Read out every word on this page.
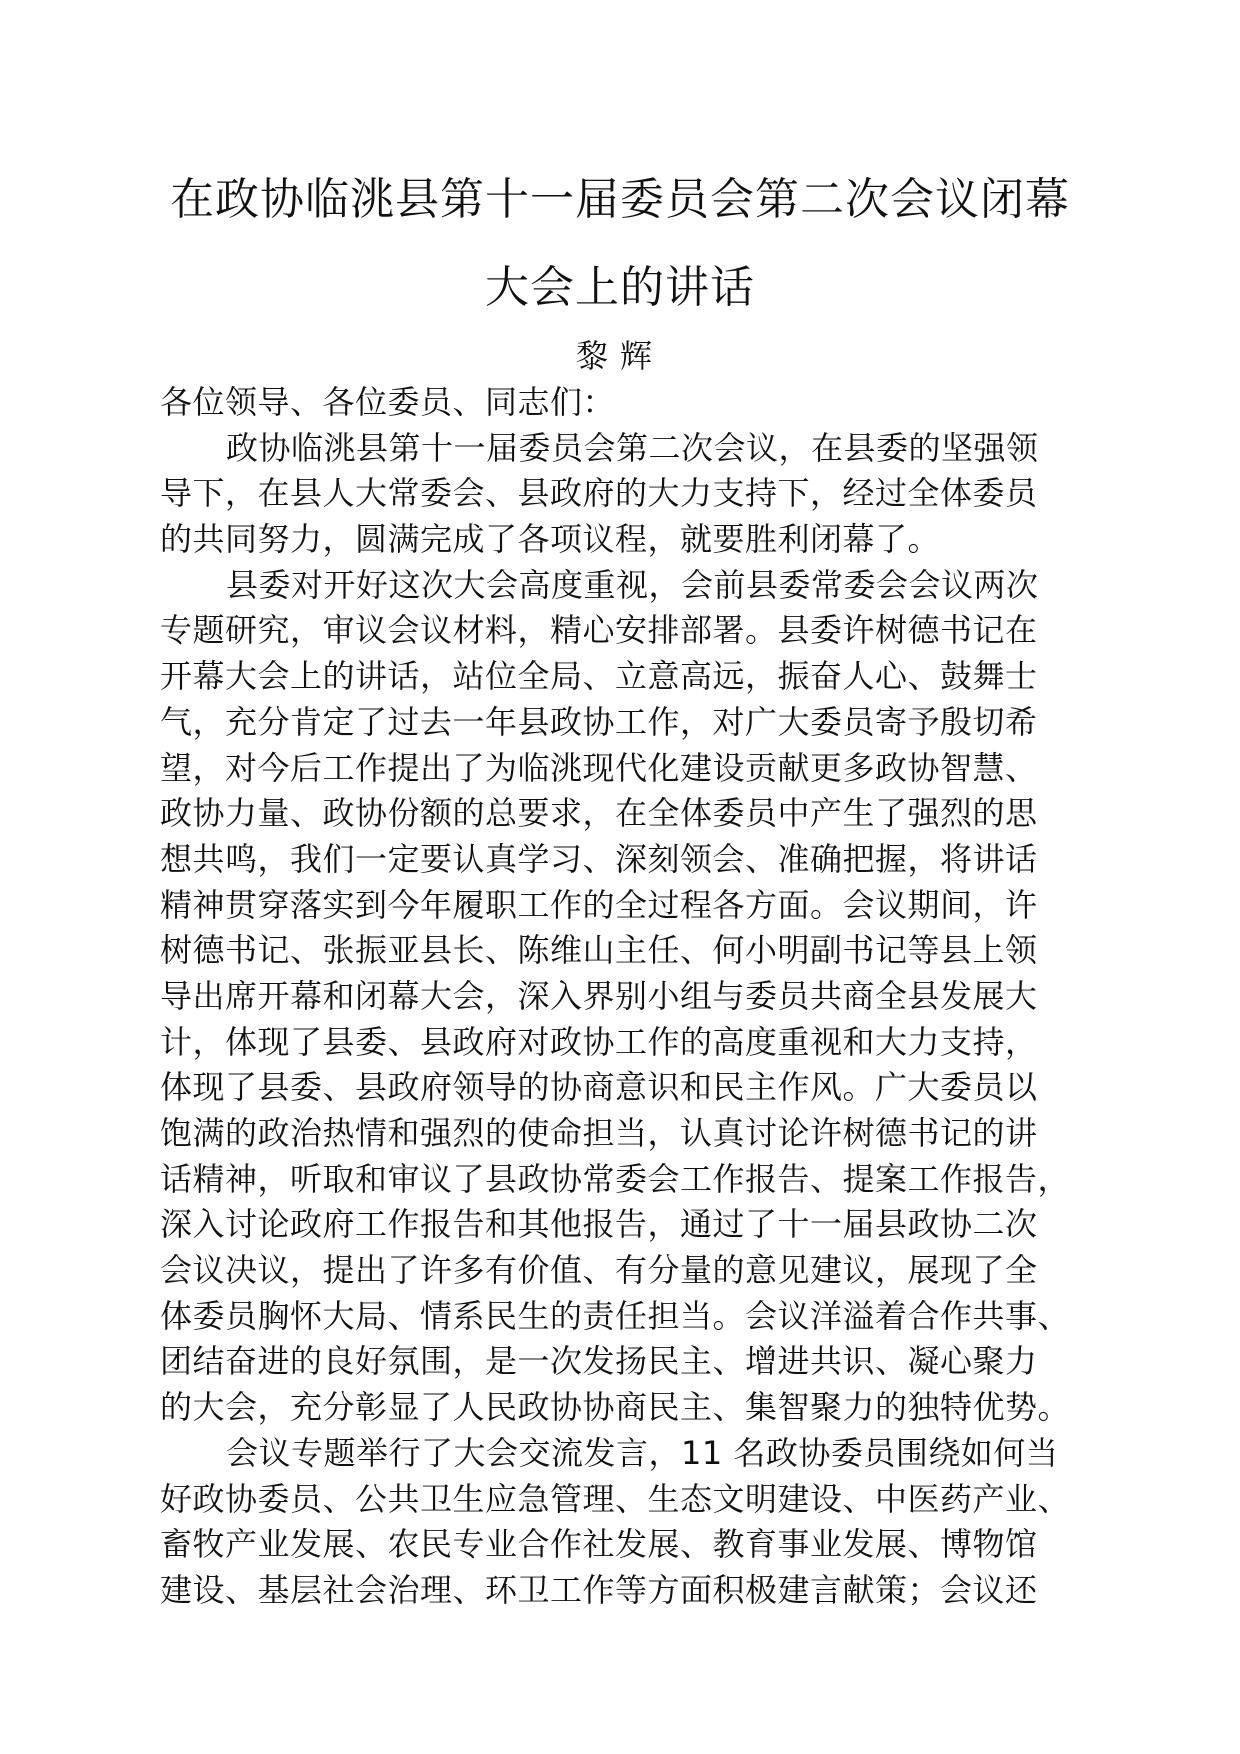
在政协临洮县第十一届委员会第二次会议闭幕
大会上的讲话
黎辉
各位领导、各位委员、同志们：
政协临洮县第十一届委员会第二次会议，在县委的坚强领
导下，在县人大常委会、县政府的大力支持下，经过全体委员
的共同努力，圆满完成了各项议程，就要胜利闭幕了。
县委对开好这次大会高度重视，会前县委常委会会议两次
专题研究，审议会议材料，精心安排部署。县委许树德书记在
开幕大会上的讲话，站位全局、立意高远，振奋人心、鼓舞士
气，充分肯定了过去一年县政协工作，对广大委员寄予殷切希
望，对今后工作提出了为临洮现代化建设贡献更多政协智慧、
政协力量、政协份额的总要求，在全体委员中产生了强烈的思
想共鸣，我们一定要认真学习、深刻领会、准确把握，将讲话
精神贯穿落实到今年履职工作的全过程各方面。会议期间，许
树德书记、张振亚县长、陈维山主任、何小明副书记等县上领
导出席开幕和闭幕大会，深入界别小组与委员共商全县发展大
计，体现了县委、县政府对政协工作的高度重视和大力支持，
体现了县委、县政府领导的协商意识和民主作风。广大委员以
饱满的政治热情和强烈的使命担当，认真讨论许树德书记的讲
话精神，听取和审议了县政协常委会工作报告、提案工作报告，
深入讨论政府工作报告和其他报告，通过了十一届县政协二次
会议决议，提出了许多有价值、有分量的意见建议，展现了全
体委员胸怀大局、情系民生的责任担当。会议洋溢着合作共事、
团结奋进的良好氛围，是一次发扬民主、增进共识、凝心聚力
的大会，充分彰显了人民政协协商民主、集智聚力的独特优势。
会议专题举行了大会交流发言，11 名政协委员围绕如何当
好政协委员、公共卫生应急管理、生态文明建设、中医药产业、
畜牧产业发展、农民专业合作社发展、教育事业发展、博物馆
建设、基层社会治理、环卫工作等方面积极建言献策；会议还
